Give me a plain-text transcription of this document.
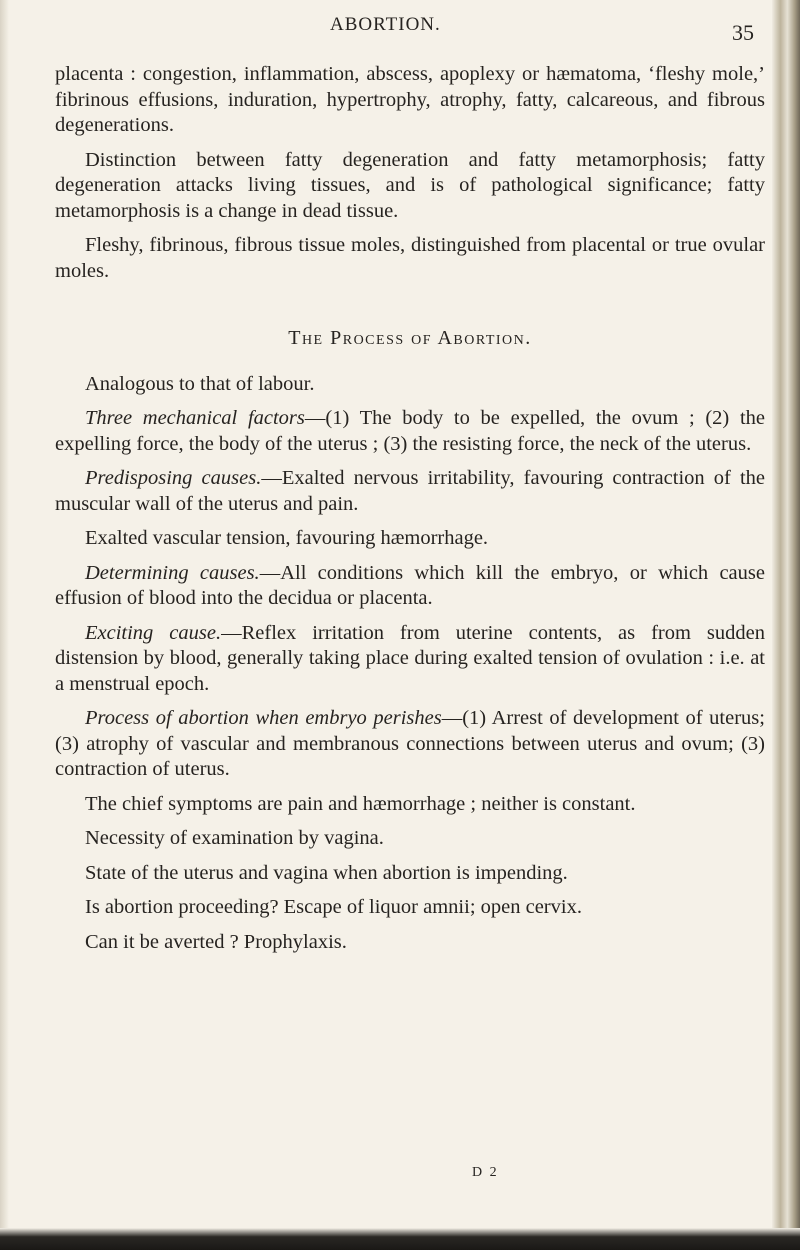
ABORTION.	35

placenta : congestion, inflammation, abscess, apoplexy or hæmatoma, ‘fleshy mole,’ fibrinous effusions, induration, hypertrophy, atrophy, fatty, calcareous, and fibrous degenerations.

Distinction between fatty degeneration and fatty metamorphosis; fatty degeneration attacks living tissues, and is of pathological significance; fatty metamorphosis is a change in dead tissue.

Fleshy, fibrinous, fibrous tissue moles, distinguished from placental or true ovular moles.

The Process of Abortion.

Analogous to that of labour.

Three mechanical factors—(1) The body to be expelled, the ovum ; (2) the expelling force, the body of the uterus ; (3) the resisting force, the neck of the uterus.

Predisposing causes.—Exalted nervous irritability, favouring contraction of the muscular wall of the uterus and pain.

Exalted vascular tension, favouring hæmorrhage.

Determining causes.—All conditions which kill the embryo, or which cause effusion of blood into the decidua or placenta.

Exciting cause.—Reflex irritation from uterine contents, as from sudden distension by blood, generally taking place during exalted tension of ovulation : i.e. at a menstrual epoch.

Process of abortion when embryo perishes—(1) Arrest of development of uterus; (3) atrophy of vascular and membranous connections between uterus and ovum; (3) contraction of uterus.

The chief symptoms are pain and hæmorrhage ; neither is constant.

Necessity of examination by vagina.

State of the uterus and vagina when abortion is impending.

Is abortion proceeding? Escape of liquor amnii; open cervix.

Can it be averted ? Prophylaxis.

D 2
